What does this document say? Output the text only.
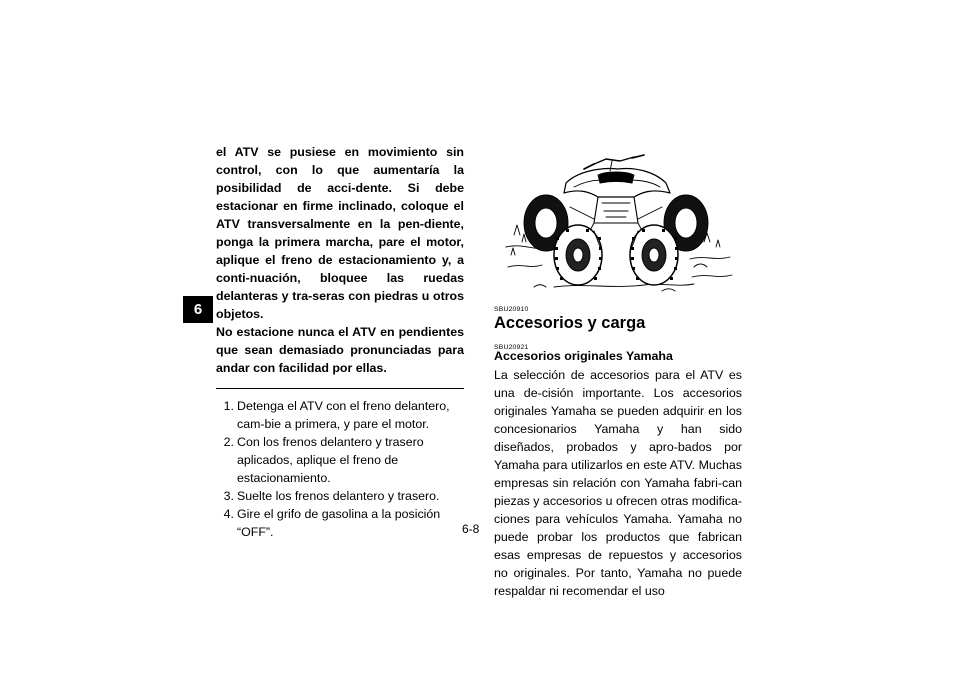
6

el ATV se pusiese en movimiento sin control, con lo que aumentaría la posibilidad de acci-dente. Si debe estacionar en firme inclinado, coloque el ATV transversalmente en la pen-diente, ponga la primera marcha, pare el motor, aplique el freno de estacionamiento y, a conti-nuación, bloquee las ruedas delanteras y tra-seras con piedras u otros objetos.

No estacione nunca el ATV en pendientes que sean demasiado pronunciadas para andar con facilidad por ellas.

1. Detenga el ATV con el freno delantero, cam-bie a primera, y pare el motor.
2. Con los frenos delantero y trasero aplicados, aplique el freno de estacionamiento.
3. Suelte los frenos delantero y trasero.
4. Gire el grifo de gasolina a la posición “OFF”.
SBU20910
Accesorios y carga
SBU20921
Accesorios originales Yamaha

La selección de accesorios para el ATV es una de-cisión importante. Los accesorios originales Yamaha se pueden adquirir en los concesionarios Yamaha y han sido diseñados, probados y apro-bados por Yamaha para utilizarlos en este ATV. Muchas empresas sin relación con Yamaha fabri-can piezas y accesorios u ofrecen otras modifica-ciones para vehículos Yamaha. Yamaha no puede probar los productos que fabrican esas empresas de repuestos y accesorios no originales. Por tanto, Yamaha no puede respaldar ni recomendar el uso

6-8
